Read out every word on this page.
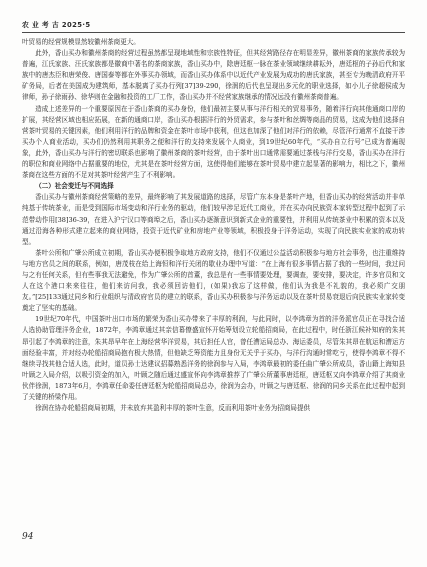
农 业 考 古 2025·5

叶贸易的经营规模显然较徽州茶商更大。

此外，香山买办和徽州茶商的经营过程虽然都呈现地域性和宗族性特征，但其经营路径存在明显差异，徽州茶商的家族传承较为普遍，江氏家族、汪氏家族都是徽商中著名的茶商家族，香山买办中，除唐廷枢一脉在茶业领域继续耕耘外，唐廷枢的子孙后代和家族中的唐杰臣和唐荣俊、唐国泰等都在外事买办领域，而香山买办体系中以近代产业发展为成功的唐氏家族，甚至专为晚清政府开平矿务局，后者在美国成为建筑师，基本脱离了买办行列[37]39-290，徐润的后代也呈现出多元化的职业选择，如小儿子徐超侯成为律师，孙子徐雨孙、徐华则在金融和投资的工厂工作，香山买办并不经营家族继承的情况远没有徽州茶商普遍。

造成上述差异的一个重要原因在于香山茶商的买办身份，他们最初主要从事与洋行相关的贸易事务，随着洋行向其他通商口岸的扩展，其经营区域也相应拓展，在新的通商口岸，香山买办根据洋行的外贸需求，参与茶叶和丝绸等商品的贸易，这成为他们选择自营茶叶贸易的关键因素，他们利用洋行的品牌和资金在茶叶市场中获利，但这也加深了他们对洋行的依赖，尽管洋行通常不直接干涉买办个人商业活动，买办们仍然利用其职务之便和洋行的支持来发展个人商业，到19世纪60年代，“买办自立行号”已成为普遍现象，此外，香山买办与洋行的密切联系也影响了徽州茶商的茶叶经营，由于茶叶出口通常需要通过茶栈与洋行交易，香山买办在洋行的职位和商业网络中占据重要的地位，尤其是在茶叶经营方面，这使得他们能够在茶叶贸易中建立起显著的影响力，相比之下，徽州茶商在这些方面的不足对其茶叶经营产生了不利影响。

（二）社会变迁与不同选择

香山买办与徽州茶商经营策略的差异，最终影响了其发展道路的选择，尽管广东本身是茶叶产地，但香山买办的经营活动并非单纯基于传统茶业，而是受到国际市场变动和洋行业务的驱动，他们较早涉足近代工商业，并在买办向民族资本家转型过程中起到了示范带动作用[38]36-39，在进入沪宁汉口等商埠之后，香山买办逐渐意识到新式企业的重要性，并利用从传统茶业中积累的资本以及通过沿海各种形式建立起来的商业网络，投资于近代矿业和房地产业等领域，积极投身于洋务运动，实现了向民族实业家的成功转型。

茶叶公所和广肇公所成立初期，香山买办便积极争取地方政府支持，他们不仅通过公益活动积极参与地方社会事务，也注重维持与地方官员之间的联系，例如，唐茂枝在给上海恒和洋行关闭的歇业办理中写道：“在上海有很多事情占据了我的一些时间，我过问与之有任何关系，但有些事我无法避免，作为广肇公所的首董，我总是有一些事情要处理，要调查，要安排，要决定，许多官员和文人在这个港口来来往往，他们来访问我，我必须回访他们，(如果)我忘了这样做，他们认为我是不礼貌的，我必须广交朋友。”[25]133通过同乡和行业组织与清政府官员的建立的联系，香山买办积极参与洋务运动以及在茶叶贸易衰退后向民族实业家转变奠定了坚实的基础。

19世纪70年代，中国茶叶出口市场的繁荣为香山买办带来了丰厚的利润，与此同时，以李鸿章为首的洋务派官员正在寻找合适人选协助管理洋务企业，1872年，李鸿章通过其亲信幕僚盛宣怀开始筹划设立轮船招商局，在此过程中，时任浙江候补知府的朱其昂引起了李鸿章的注意，朱其昂早年在上海经营华洋贸易，其后担任人官，曾任漕运局总办、海运委员，尽管朱其昂在航运和漕运方面经验丰富，并对经办轮船招商局抱有极大热情，但他缺乏筹资能力且身份无关乎于买办，与洋行沟通时常吃亏，使得李鸿章不得不继续寻找其他合适人选，此时，道员孙士达建议招募熟悉洋务的徐润参与入局，李鸿章最初的委任曲广肇公所成员，香山籍上海知县叶顾之入局介绍，以吸引资金的加入，叶顾之随后通过盛宣怀向李鸿章推荐了广肇公所董事唐廷枢，唐廷枢又向李鸿章介绍了其商业伙伴徐润，1873年6月，李鸿章任命委任唐廷枢为轮船招商局总办，徐润为会办，叶顾之与唐廷枢、徐润的同乡关系在此过程中起到了关键的桥梁作用。

徐润在协办轮船招商局初期，并未放弃其盈利丰厚的茶叶生意，反而利用茶叶业务为招商局提供

94
